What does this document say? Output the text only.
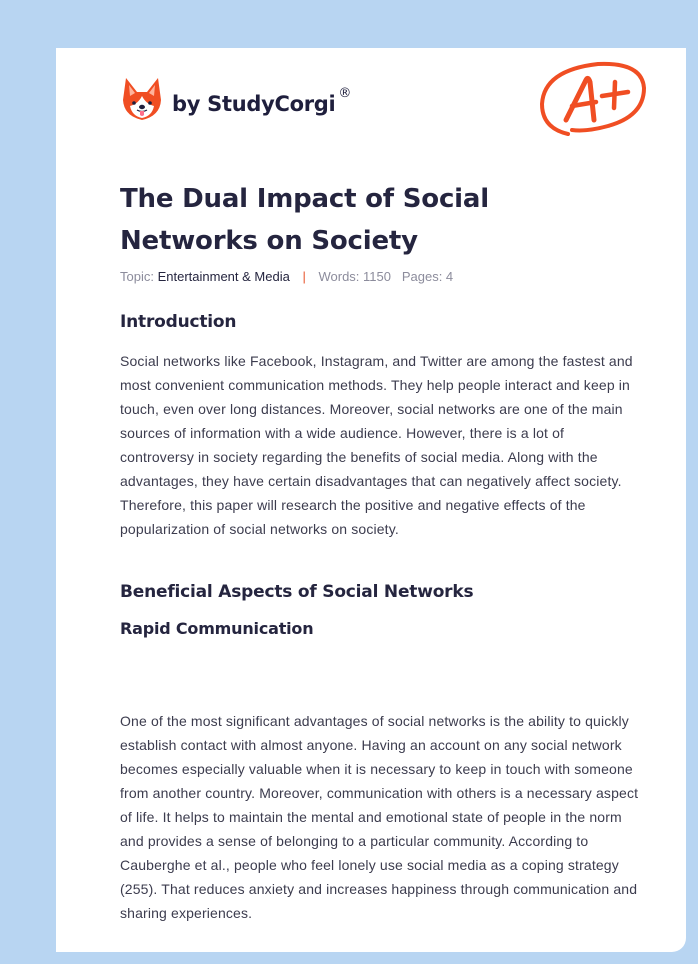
by StudyCorgi ®
The Dual Impact of Social Networks on Society
Topic: Entertainment & Media | Words: 1150 Pages: 4
Introduction

Social networks like Facebook, Instagram, and Twitter are among the fastest and most convenient communication methods. They help people interact and keep in touch, even over long distances. Moreover, social networks are one of the main sources of information with a wide audience. However, there is a lot of controversy in society regarding the benefits of social media. Along with the advantages, they have certain disadvantages that can negatively affect society. Therefore, this paper will research the positive and negative effects of the popularization of social networks on society.

Beneficial Aspects of Social Networks
Rapid Communication

One of the most significant advantages of social networks is the ability to quickly establish contact with almost anyone. Having an account on any social network becomes especially valuable when it is necessary to keep in touch with someone from another country. Moreover, communication with others is a necessary aspect of life. It helps to maintain the mental and emotional state of people in the norm and provides a sense of belonging to a particular community. According to Cauberghe et al., people who feel lonely use social media as a coping strategy (255). That reduces anxiety and increases happiness through communication and sharing experiences.
